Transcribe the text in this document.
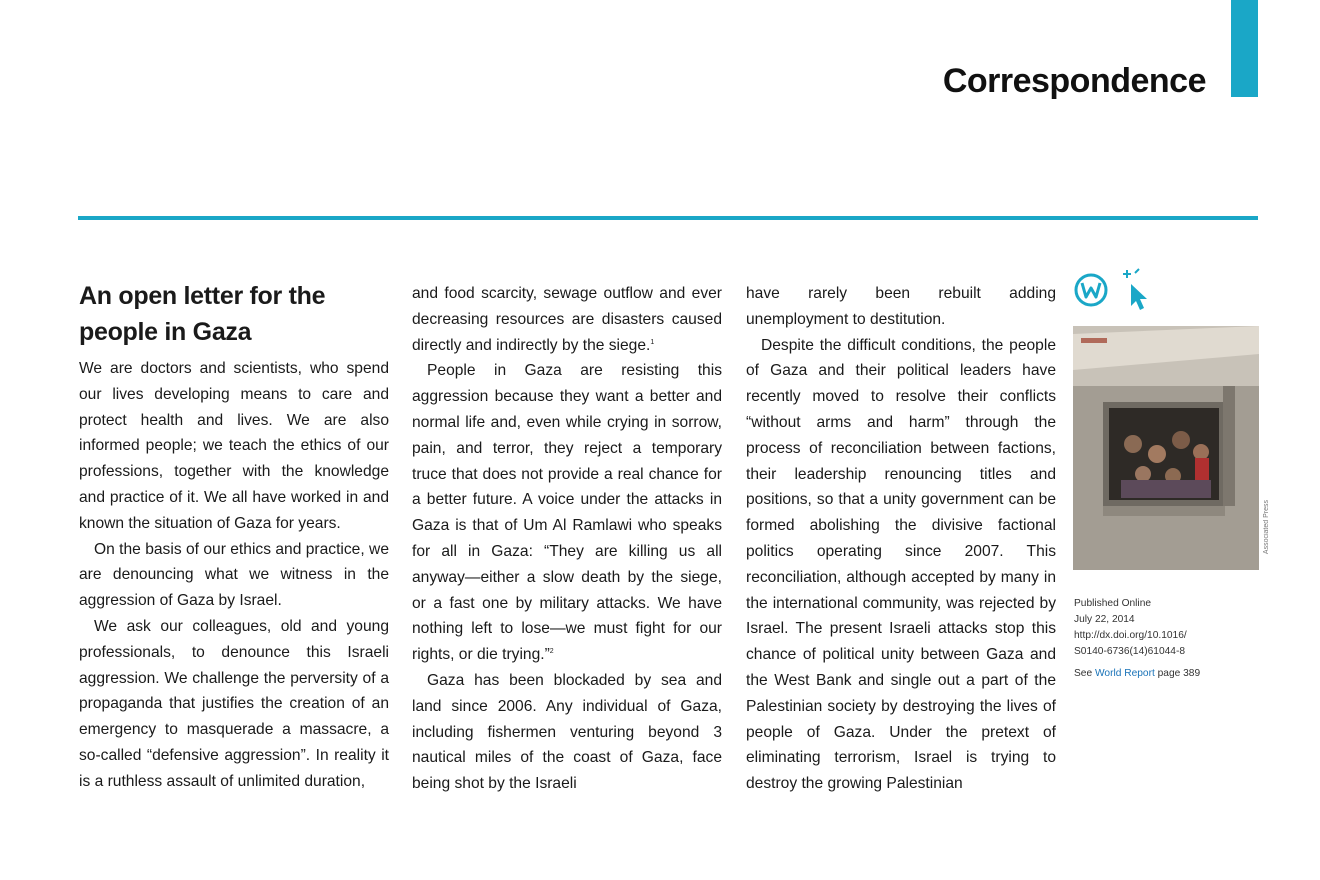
Correspondence
An open letter for the people in Gaza

We are doctors and scientists, who spend our lives developing means to care and protect health and lives. We are also informed people; we teach the ethics of our professions, together with the knowledge and practice of it. We all have worked in and known the situation of Gaza for years.

On the basis of our ethics and practice, we are denouncing what we witness in the aggression of Gaza by Israel.

We ask our colleagues, old and young professionals, to denounce this Israeli aggression. We challenge the perversity of a propaganda that justifies the creation of an emergency to masquerade a massacre, a so-called “defensive aggression”. In reality it is a ruthless assault of unlimited duration,

and food scarcity, sewage outflow and ever decreasing resources are disasters caused directly and indirectly by the siege.$^1$

People in Gaza are resisting this aggression because they want a better and normal life and, even while crying in sorrow, pain, and terror, they reject a temporary truce that does not provide a real chance for a better future. A voice under the attacks in Gaza is that of Um Al Ramlawi who speaks for all in Gaza: “They are killing us all anyway—either a slow death by the siege, or a fast one by military attacks. We have nothing left to lose—we must fight for our rights, or die trying.”$^2$

Gaza has been blockaded by sea and land since 2006. Any individual of Gaza, including fishermen venturing beyond 3 nautical miles of the coast of Gaza, face being shot by the Israeli

have rarely been rebuilt adding unemployment to destitution.

Despite the difficult conditions, the people of Gaza and their political leaders have recently moved to resolve their conflicts “without arms and harm” through the process of reconciliation between factions, their leadership renouncing titles and positions, so that a unity government can be formed abolishing the divisive factional politics operating since 2007. This reconciliation, although accepted by many in the international community, was rejected by Israel. The present Israeli attacks stop this chance of political unity between Gaza and the West Bank and single out a part of the Palestinian society by destroying the lives of people of Gaza. Under the pretext of eliminating terrorism, Israel is trying to destroy the growing Palestinian

Associated Press
Published Online
July 22, 2014
http://dx.doi.org/10.1016/
S0140-6736(14)61044-8
See World Report page 389
